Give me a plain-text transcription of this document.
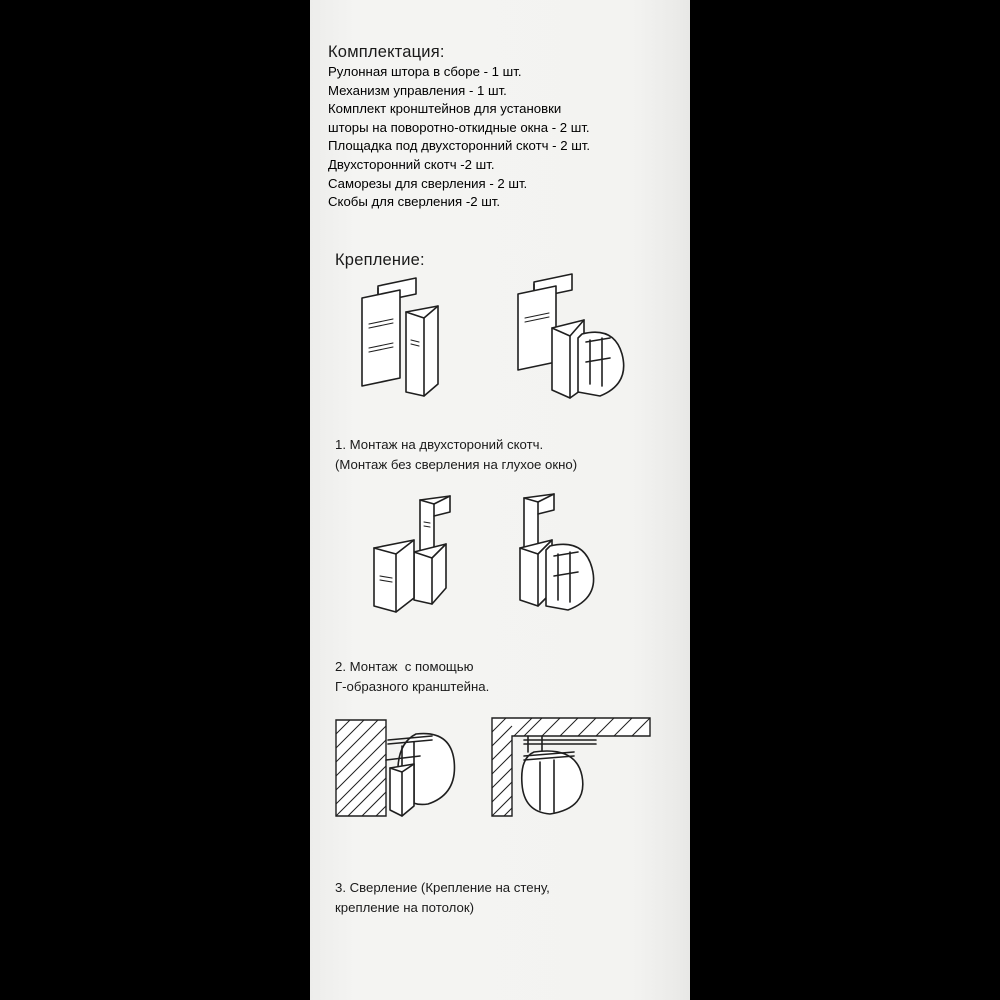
Комплектация:
Рулонная штора в сборе - 1 шт.
Механизм управления - 1 шт.
Комплект кронштейнов для установки
шторы на поворотно-откидные окна - 2 шт.
Площадка под двухсторонний скотч - 2 шт.
Двухсторонний скотч -2 шт.
Саморезы для сверления - 2 шт.
Скобы для сверления -2 шт.
Крепление:
1. Монтаж на двухстороний скотч.
(Монтаж без сверления на глухое окно)
2. Монтаж  с помощью
Г-образного кранштейна.
3. Сверление (Крепление на стену,
крепление на потолок)
